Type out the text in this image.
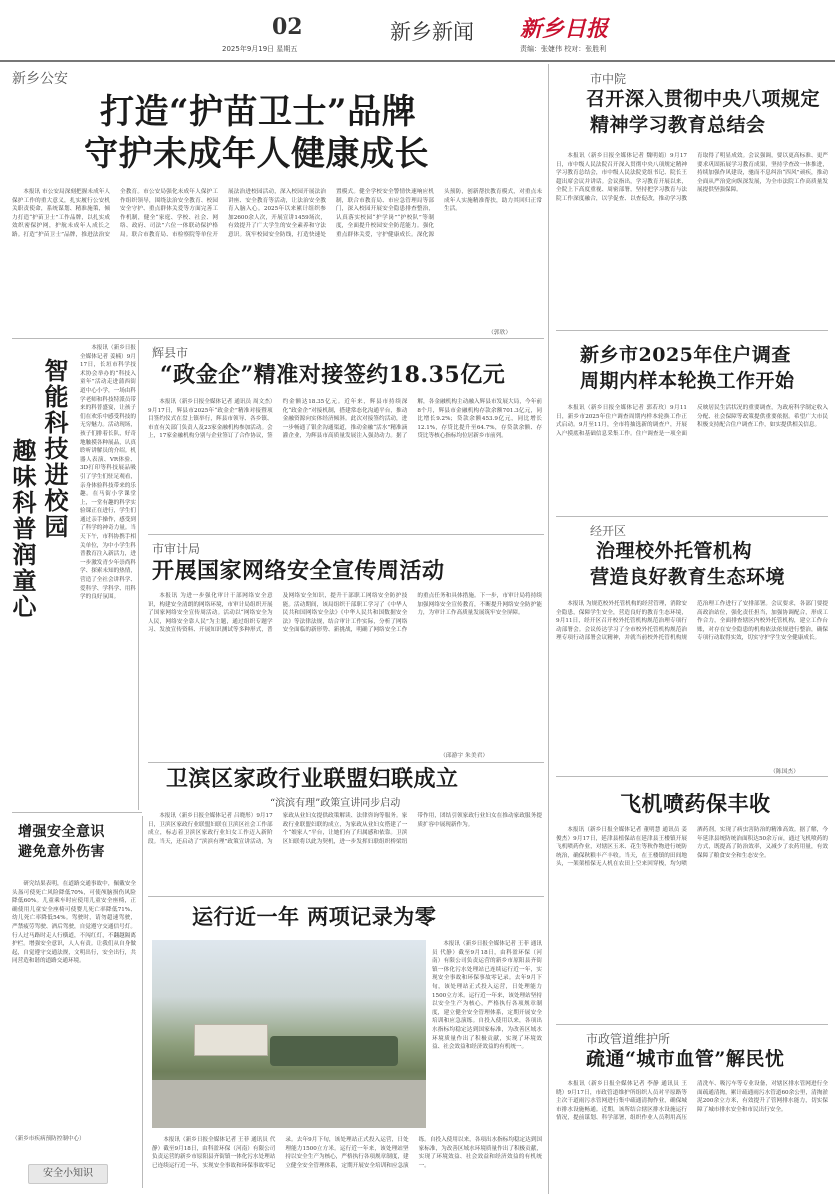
02
2025年9月19日 星期五
新乡新闻	新乡日报
责编：张婕伟 校对：张胜利
新乡公安
打造“护苗卫士”品牌
守护未成年人健康成长
本报讯 市公安局深刻把握未成年人保护工作的重大意义，扎实履行公安机关职责使命，系统谋划、精准施策，倾力打造“护苗卫士”工作品牌，以扎实成效织密保护网，护航未成年人成长之路。打造“护苗卫士”品牌，推进法治安全教育。市公安局强化未成年人保护工作组织领导，围绕法治安全教育、校园安全守护、重点群体关爱等方面完善工作机制，健全“家庭、学校、社会、网络、政府、司法”六位一体联动保护格局。联合市教育局、市检察院等单位开展法治进校园活动，深入校园开展法治讲座、安全教育等活动，让法治安全教育入脑入心。2025年以来累计组织参加2600余人次，开展宣讲1459场次，有效提升了广大学生的安全素养和守法意识。筑牢校园安全防线，打造快速处置模式。健全学校安全警情快速响应机制，联合市教育局、市应急管理局等部门，深入校园开展安全隐患排查整治，认真落实校园“护学岗”“护校队”等制度，全面提升校园安全防范能力。强化重点群体关爱，守护健康成长。深化源头预防，创新帮扶教育模式，对重点未成年人实施精准帮扶，助力其回归正常生活。
（郭欣）
智能科技进校园
趣味科普润童心
本报讯（新乡日报全媒体记者 姜楠）9月17日，长垣市科学技术协会举办的“科技入童年”活动走进蒲西街道中心小学，一场由科学老师和科技特派员带来的科普盛宴，让孩子们在欢乐中感受科技的无穷魅力。活动现场，孩子们排着长队，好奇地触摸各种展品，认真聆听讲解员的介绍。机器人表演、VR体验、3D打印等科技展品吸引了学生们驻足观看，亲身体验科技带来的乐趣。在马街小学课堂上，一堂有趣的科学实验课正在进行，学生们通过亲手操作，感受到了科学的神奇力量。当天下午，市科协携手相关单位，为中小学生科普教育注入新活力，进一步激发青少年崇尚科学、探索未知的热情，营造了全社会讲科学、爱科学、学科学、用科学的良好氛围。
辉县市
“政金企”精准对接签约18.35亿元
本报讯（新乡日报全媒体记者 通讯员 周文杰）9月17日，辉县市2025年“政金企”精准对接暨项目签约仪式在盘上镇举行，辉县市领导、各乡镇、市直有关部门负责人及23家金融机构参加活动。会上，17家金融机构分别与企业签订了合作协议，签约金额达18.35亿元。近年来，辉县市持续深化“政金企”对接机制，搭建常态化沟通平台，推动金融资源向实体经济倾斜。此次对接签约活动，进一步畅通了银企沟通渠道，推动金融“活水”精准滴灌企业，为辉县市高质量发展注入强劲动力。据了解，各金融机构主动融入辉县市发展大局，今年前8个月，辉县市金融机构存款余额701.3亿元，同比增长9.2%；贷款余额453.9亿元，同比增长12.1%，存贷比提升至64.7%，存贷款余额、存贷比等核心指标均位居新乡市前列。
市审计局
开展国家网络安全宣传周活动
本报讯 为进一步强化审计干部网络安全意识，构建安全清朗的网络环境，市审计局组织开展了国家网络安全宣传周活动。活动以“网络安全为人民，网络安全靠人民”为主题，通过组织专题学习、发放宣传资料、开展知识测试等多种形式，普及网络安全知识，提升干部职工网络安全防护技能。活动期间，该局组织干部职工学习了《中华人民共和国网络安全法》《中华人民共和国数据安全法》等法律法规，结合审计工作实际，分析了网络安全面临的新形势、新挑战，明确了网络安全工作的重点任务和具体措施。下一步，市审计局将持续加强网络安全宣传教育，不断提升网络安全防护能力，为审计工作高质量发展筑牢安全屏障。
（邱游宇 朱美君）
卫滨区家政行业联盟妇联成立
“滨滨有理”政策宣讲同步启动
本报讯（新乡日报全媒体记者 吕晓彤）9月17日，卫滨区家政行业联盟妇联在卫滨区社会工作部成立，标志着卫滨区家政行业妇女工作迈入新阶段。当天，还启动了“滨滨有理”政策宣讲活动，为家政从业妇女提供政策解读、法律咨询等服务。家政行业联盟妇联的成立，为家政从业妇女搭建了一个“娘家人”平台，让她们有了归属感和依靠。卫滨区妇联将以此为契机，进一步发挥妇联组织桥梁纽带作用，团结引领家政行业妇女在推动家政服务提质扩容中展现新作为。
增强安全意识
避免意外伤害
研究结果表明，在道路交通事故中，佩戴安全头盔可使死亡风险降低70%，可使颅脑损伤风险降低60%。儿童乘车时应使用儿童安全座椅，正确使用儿童安全座椅可使婴儿死亡率降低71%、幼儿死亡率降低54%。驾驶时，请勿超速驾驶，严禁疲劳驾驶、酒后驾驶，自觉遵守交通信号灯。行人过马路时走人行横道，不闯红灯，不翻越隔离护栏。增强安全意识，人人有责。让我们从自身做起，自觉遵守交通法规，文明出行，安全出行，共同营造和谐的道路交通环境。
（新乡市疾病预防控制中心）
安全小知识
运行近一年 两项记录为零
本报讯（新乡日报全媒体记者 王菲 通讯员 代静）截至9月18日，由科盈环保（河南）有限公司负责运营的新乡市原阳县齐街镇一体化污水处理站已连续运行近一年，实现安全事故和环保事故零记录。去年9月下旬，该处理站正式投入运营，日处理能力1500立方米。运行近一年来，该处理站坚持以安全生产为核心，严格执行各项规章制度，建立健全安全管理体系，定期开展安全培训和应急演练。自投入使用以来，各项出水指标均稳定达到国家标准，为改善区域水环境质量作出了积极贡献，实现了环境效益、社会效益和经济效益的有机统一。
本报讯（新乡日报全媒体记者 王菲 通讯员 代静）截至9月18日，由科盈环保（河南）有限公司负责运营的新乡市原阳县齐街镇一体化污水处理站已连续运行近一年，实现安全事故和环保事故零记录。去年9月下旬，该处理站正式投入运营，日处理能力1500立方米。运行近一年来，该处理站坚持以安全生产为核心，严格执行各项规章制度，建立健全安全管理体系，定期开展安全培训和应急演练。自投入使用以来，各项出水指标均稳定达到国家标准，为改善区域水环境质量作出了积极贡献，实现了环境效益、社会效益和经济效益的有机统一。
市中院
召开深入贯彻中央八项规定
精神学习教育总结会
本报讯（新乡日报全媒体记者 魏明娟）9月17日，市中级人民法院召开深入贯彻中央八项规定精神学习教育总结会，市中级人民法院党组书记、院长王超出席会议并讲话。会议指出，学习教育开展以来，全院上下高度重视、周密部署，坚持把学习教育与法院工作深度融合，以学促查、以查促改，推动学习教育取得了明显成效。会议强调，要以更高标准、更严要求巩固拓展学习教育成果，坚持学查改一体推进，持续加强作风建设，驰而不息纠治“四风”顽疾，推动全面从严治党向纵深发展，为全市法院工作高质量发展提供坚强保障。
新乡市2025年住户调查
周期内样本轮换工作开始
本报讯（新乡日报全媒体记者 郭若玫）9月11日，新乡市2025年住户调查周期内样本轮换工作正式启动。9月至11月，全市将抽选新的调查户，开展入户摸底和基础信息采集工作。住户调查是一项全面反映居民生活状况的重要调查，为政府科学制定收入分配、社会保障等政策提供重要依据。希望广大市民积极支持配合住户调查工作，如实提供相关信息。
经开区
治理校外托管机构
营造良好教育生态环境
本报讯 为规范校外托管机构的经营管理，消除安全隐患，保障学生安全，营造良好的教育生态环境，9月11日，经开区召开校外托管机构规范治理专项行动部署会。会议传达学习了全市校外托管机构规范治理专项行动部署会议精神，并就当前校外托管机构规范治理工作进行了安排部署。会议要求，各部门要提高政治站位，强化责任担当，加强协调配合，形成工作合力，全面排查辖区内校外托管机构，建立工作台账，对存在安全隐患的机构依法依规进行整治，确保专项行动取得实效，切实守护学生安全健康成长。
（陈国杰）
飞机喷药保丰收
本报讯（新乡日报全媒体记者 董明慧 通讯员 姜俊杰）9月17日，延津县植保站在延津县王楼镇开展飞机喷药作业，对辖区玉米、花生等秋作物进行统防统治，确保秋粮丰产丰收。当天，在王楼镇的田间地头，一架架植保无人机在农田上空来回穿梭，均匀喷洒药剂，实现了病虫害防治的精准高效。据了解，今年延津县统防统治面积达50余万亩，通过飞机喷药的方式，既提高了防治效率，又减少了农药用量，有效保障了粮食安全和生态安全。
市政管道维护所
疏通“城市血管”解民忧
本报讯（新乡日报全媒体记者 李静 通讯员 王晓）9月17日，市政管道维护所组织人员对平原路等主次干道雨污水管网进行集中疏通清掏作业，确保城市排水设施畅通。近期，该所结合辖区排水设施运行情况，提前谋划、科学部署，组织作业人员利用高压清洗车、吸污车等专业设备，对辖区排水管网进行全面疏通清掏，累计疏通雨污水管道60余公里，清掏淤泥200余立方米，有效提升了管网排水能力，切实保障了城市排水安全和市民出行安全。
